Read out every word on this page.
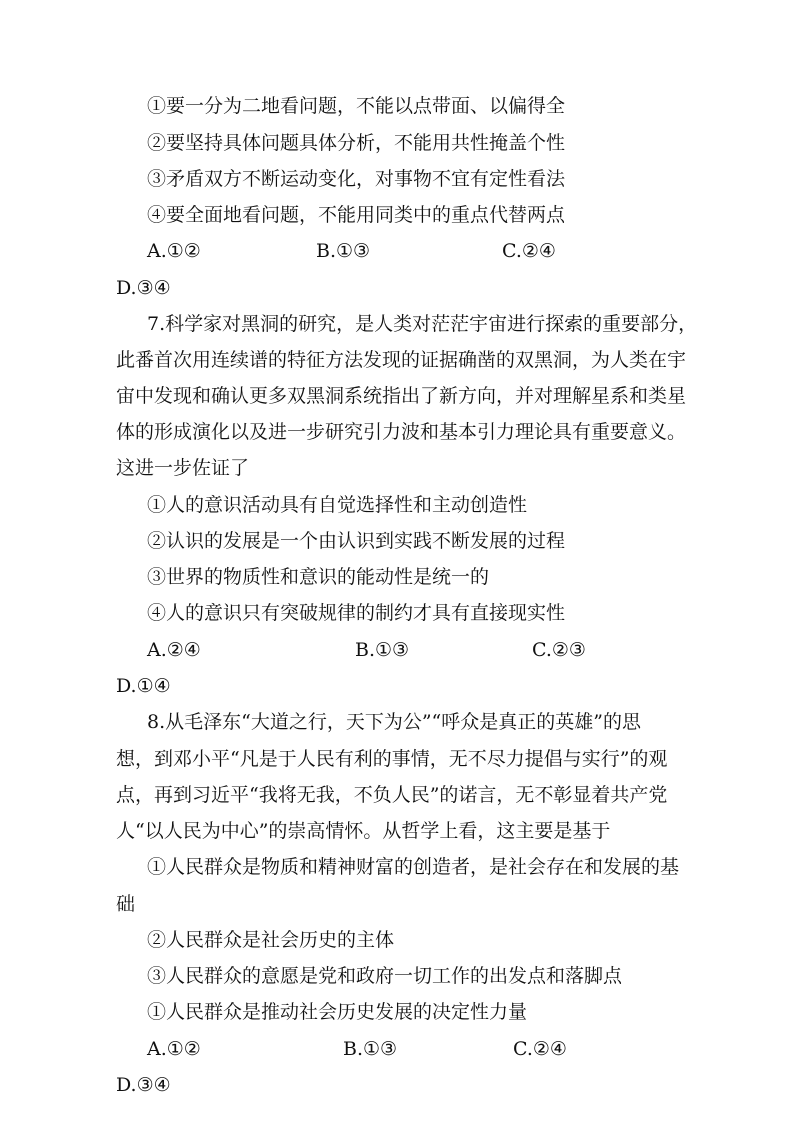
①要一分为二地看问题，不能以点带面、以偏得全
②要坚持具体问题具体分析，不能用共性掩盖个性
③矛盾双方不断运动变化，对事物不宜有定性看法
④要全面地看问题，不能用同类中的重点代替两点
A.①②	B.①③	C.②④
D.③④
7.科学家对黑洞的研究，是人类对茫茫宇宙进行探索的重要部分，
此番首次用连续谱的特征方法发现的证据确凿的双黑洞，为人类在宇
宙中发现和确认更多双黑洞系统指出了新方向，并对理解星系和类星
体的形成演化以及进一步研究引力波和基本引力理论具有重要意义。
这进一步佐证了
①人的意识活动具有自觉选择性和主动创造性
②认识的发展是一个由认识到实践不断发展的过程
③世界的物质性和意识的能动性是统一的
④人的意识只有突破规律的制约才具有直接现实性
A.②④	B.①③	C.②③
D.①④
8.从毛泽东“大道之行，天下为公”“呼众是真正的英雄”的思
想，到邓小平“凡是于人民有利的事情，无不尽力提倡与实行”的观
点，再到习近平“我将无我，不负人民”的诺言，无不彰显着共产党
人“以人民为中心”的崇高情怀。从哲学上看，这主要是基于
①人民群众是物质和精神财富的创造者，是社会存在和发展的基
础
②人民群众是社会历史的主体
③人民群众的意愿是党和政府一切工作的出发点和落脚点
①人民群众是推动社会历史发展的决定性力量
A.①②	B.①③	C.②④
D.③④
